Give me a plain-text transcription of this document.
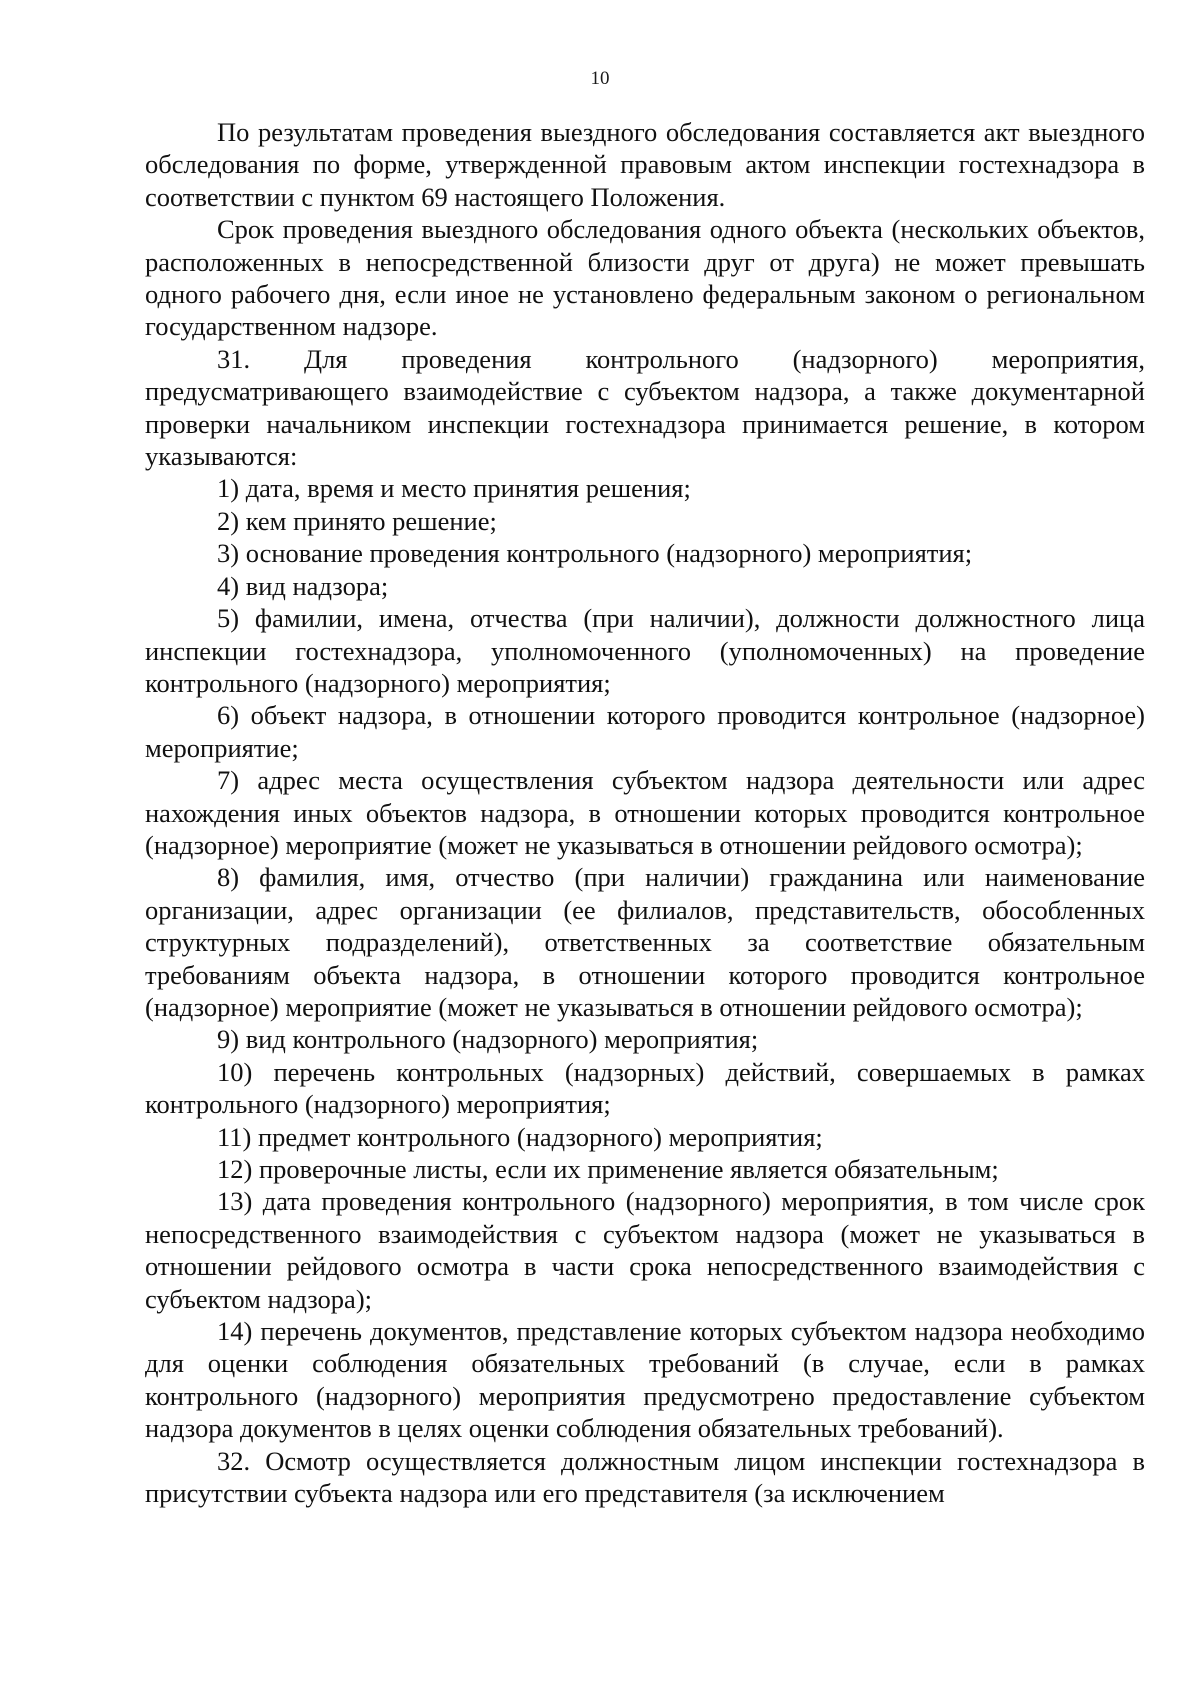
10

По результатам проведения выездного обследования составляется акт выездного обследования по форме, утвержденной правовым актом инспекции гостехнадзора в соответствии с пунктом 69 настоящего Положения.

Срок проведения выездного обследования одного объекта (нескольких объектов, расположенных в непосредственной близости друг от друга) не может превышать одного рабочего дня, если иное не установлено федеральным законом о региональном государственном надзоре.

31. Для проведения контрольного (надзорного) мероприятия, предусматривающего взаимодействие с субъектом надзора, а также документарной проверки начальником инспекции гостехнадзора принимается решение, в котором указываются:

1) дата, время и место принятия решения;

2) кем принято решение;

3) основание проведения контрольного (надзорного) мероприятия;

4) вид надзора;

5) фамилии, имена, отчества (при наличии), должности должностного лица инспекции гостехнадзора, уполномоченного (уполномоченных) на проведение контрольного (надзорного) мероприятия;

6) объект надзора, в отношении которого проводится контрольное (надзорное) мероприятие;

7) адрес места осуществления субъектом надзора деятельности или адрес нахождения иных объектов надзора, в отношении которых проводится контрольное (надзорное) мероприятие (может не указываться в отношении рейдового осмотра);

8) фамилия, имя, отчество (при наличии) гражданина или наименование организации, адрес организации (ее филиалов, представительств, обособленных структурных подразделений), ответственных за соответствие обязательным требованиям объекта надзора, в отношении которого проводится контрольное (надзорное) мероприятие (может не указываться в отношении рейдового осмотра);

9) вид контрольного (надзорного) мероприятия;

10) перечень контрольных (надзорных) действий, совершаемых в рамках контрольного (надзорного) мероприятия;

11) предмет контрольного (надзорного) мероприятия;

12) проверочные листы, если их применение является обязательным;

13) дата проведения контрольного (надзорного) мероприятия, в том числе срок непосредственного взаимодействия с субъектом надзора (может не указываться в отношении рейдового осмотра в части срока непосредственного взаимодействия с субъектом надзора);

14) перечень документов, представление которых субъектом надзора необходимо для оценки соблюдения обязательных требований (в случае, если в рамках контрольного (надзорного) мероприятия предусмотрено предоставление субъектом надзора документов в целях оценки соблюдения обязательных требований).

32. Осмотр осуществляется должностным лицом инспекции гостехнадзора в присутствии субъекта надзора или его представителя (за исключением
